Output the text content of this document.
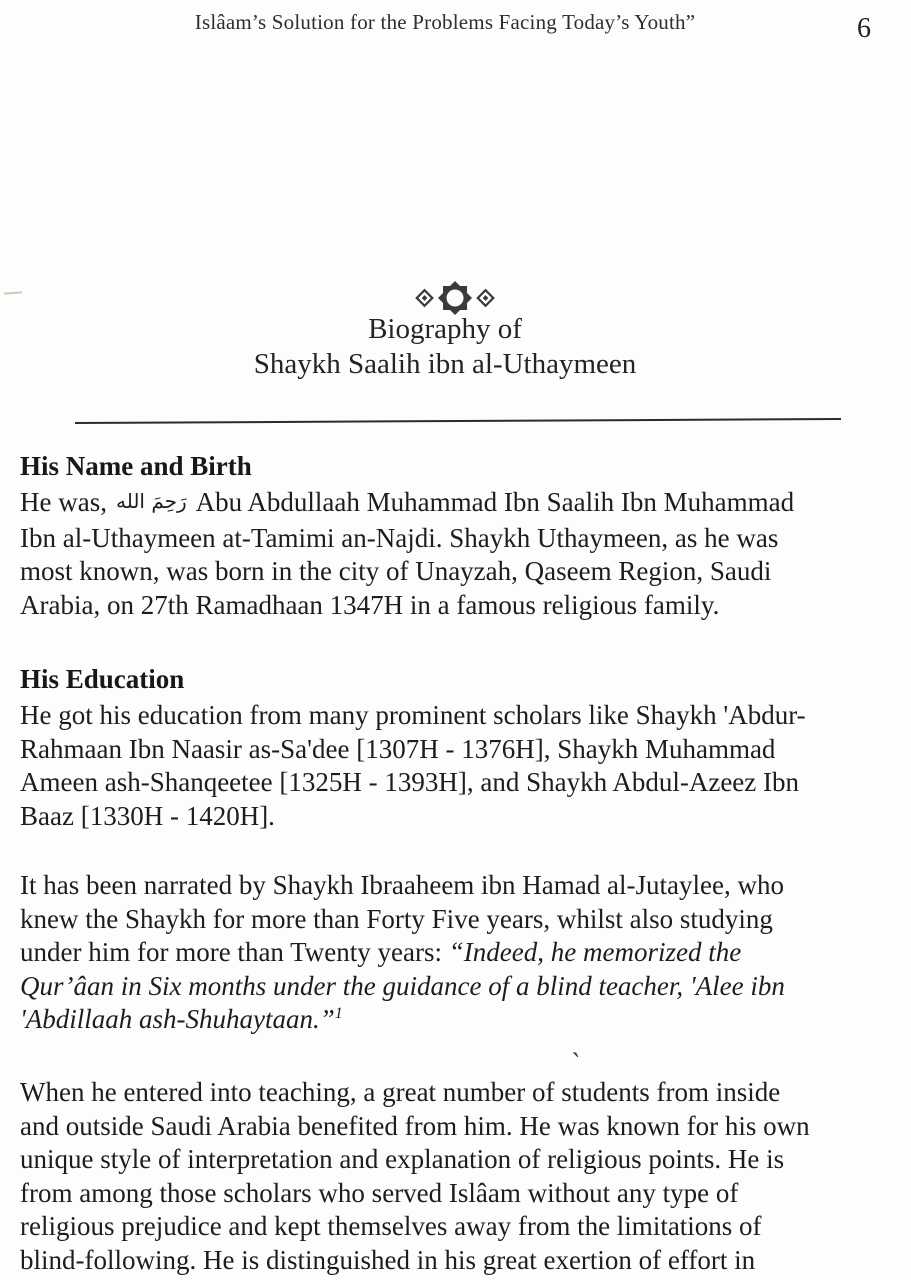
Islâam’s Solution for the Problems Facing Today’s Youth”	6
`
Biography of
Shaykh Saalih ibn al-Uthaymeen
His Name and Birth
He was, رَحِمَ الله Abu Abdullaah Muhammad Ibn Saalih Ibn Muhammad
Ibn al-Uthaymeen at-Tamimi an-Najdi. Shaykh Uthaymeen, as he was
most known, was born in the city of Unayzah, Qaseem Region, Saudi
Arabia, on 27th Ramadhaan 1347H in a famous religious family.
His Education
He got his education from many prominent scholars like Shaykh 'Abdur-
Rahmaan Ibn Naasir as-Sa'dee [1307H - 1376H], Shaykh Muhammad
Ameen ash-Shanqeetee [1325H - 1393H], and Shaykh Abdul-Azeez Ibn
Baaz [1330H - 1420H].
It has been narrated by Shaykh Ibraaheem ibn Hamad al-Jutaylee, who
knew the Shaykh for more than Forty Five years, whilst also studying
under him for more than Twenty years: “Indeed, he memorized the
Qur’âan in Six months under the guidance of a blind teacher, 'Alee ibn
'Abdillaah ash-Shuhaytaan.”$^1$
When he entered into teaching, a great number of students from inside
and outside Saudi Arabia benefited from him. He was known for his own
unique style of interpretation and explanation of religious points. He is
from among those scholars who served Islâam without any type of
religious prejudice and kept themselves away from the limitations of
blind-following. He is distinguished in his great exertion of effort in
